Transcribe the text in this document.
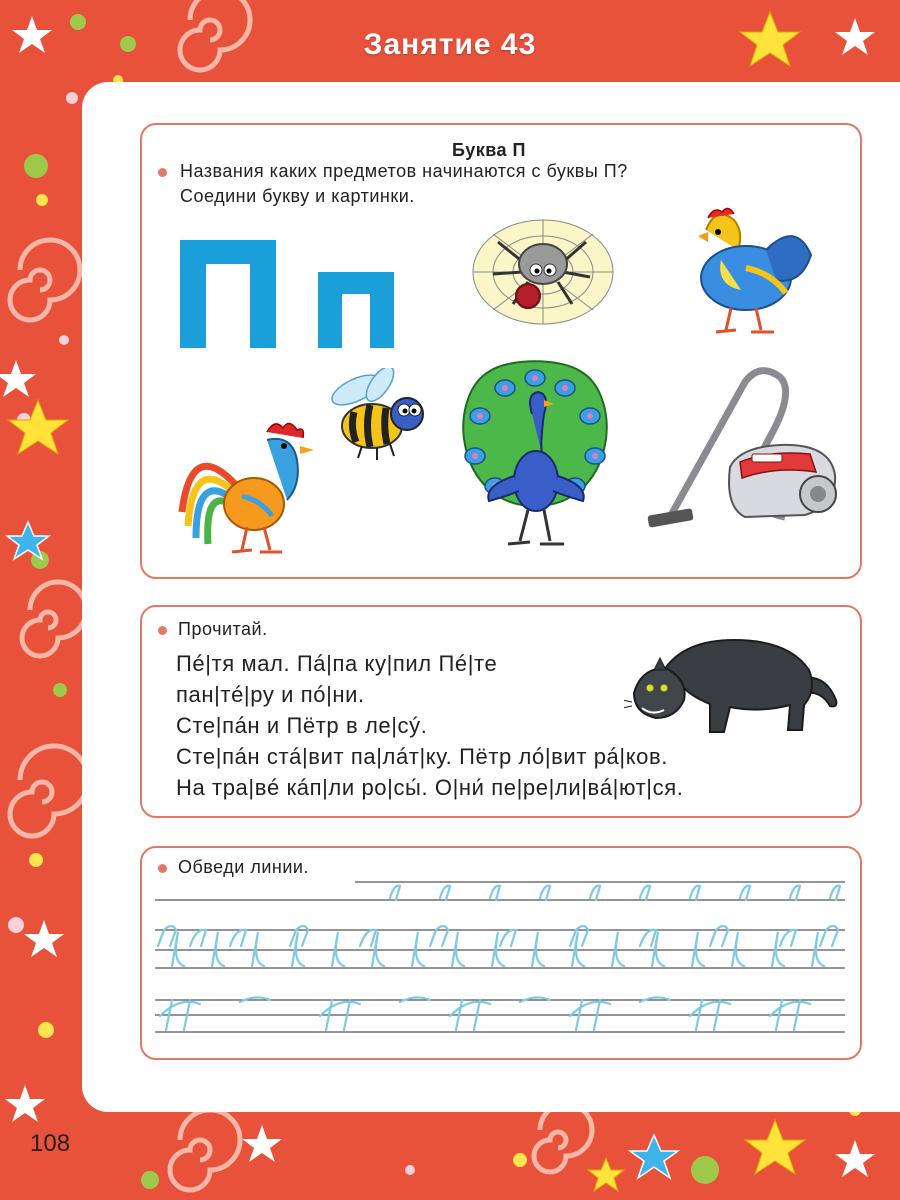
Занятие 43
Буква П
Названия каких предметов начинаются с буквы П?
Соедини букву и картинки.
Прочитай.
Пé|тя мал. Пá|па ку|пил Пé|те
пан|тé|ру и пó|ни.
Сте|пáн и Пётр в ле|сý.
Сте|пáн стá|вит па|лáт|ку. Пётр лó|вит рá|ков.
На тра|вé кáп|ли ро|сы́. О|ни́ пе|ре|ли|вá|ют|ся.
Обведи линии.
108
